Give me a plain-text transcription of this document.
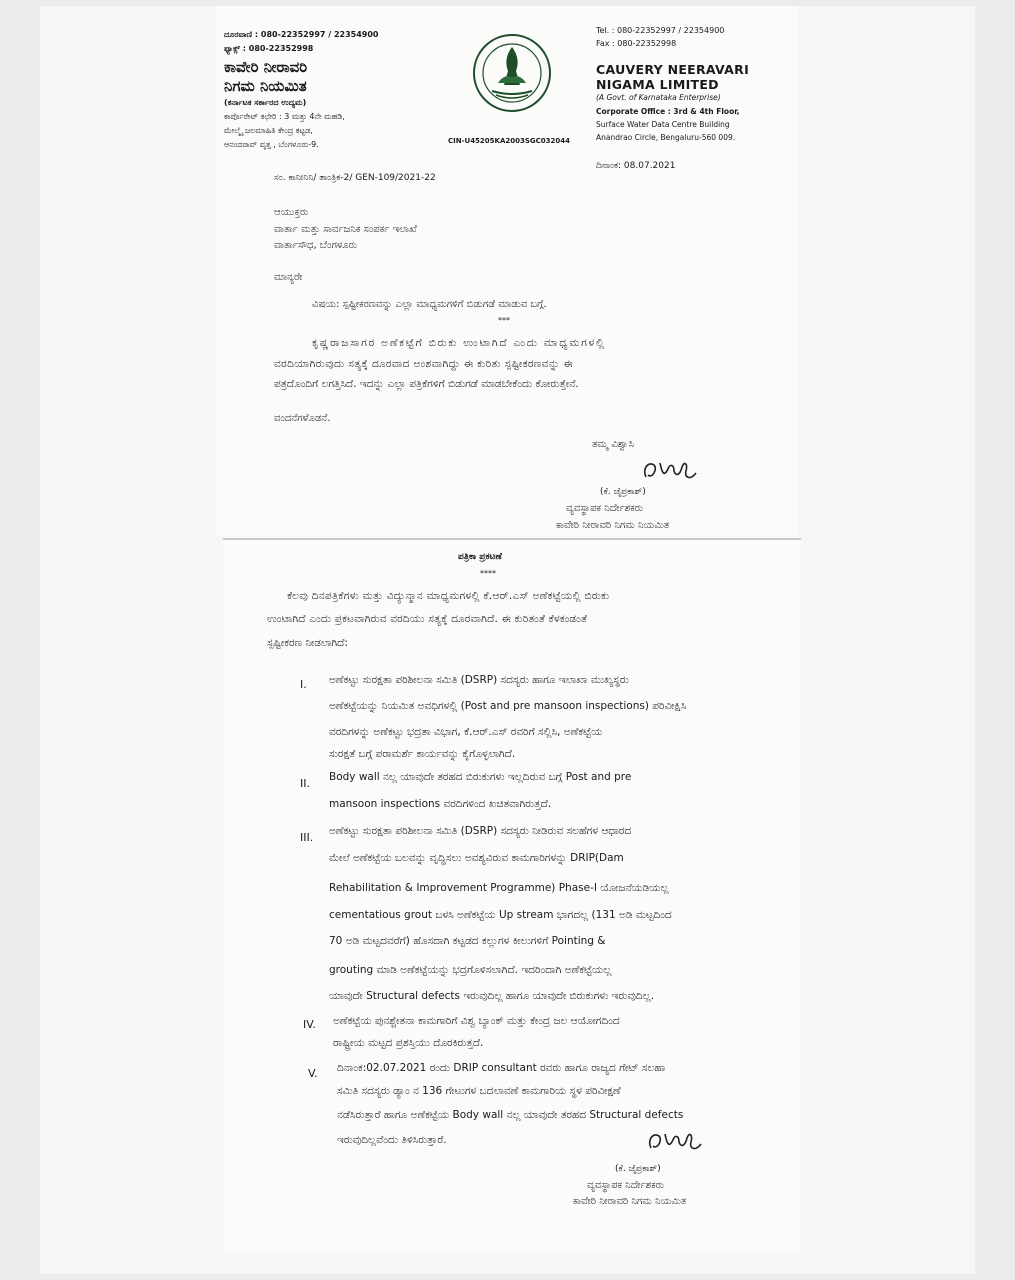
ದೂರವಾಣಿ : 080-22352997 / 22354900
ಫ್ಯಾಕ್ಸ್ : 080-22352998
ಕಾವೇರಿ ನೀರಾವರಿ
ನಿಗಮ ನಿಯಮಿತ
(ಕರ್ನಾಟಕ ಸರ್ಕಾರದ ಉದ್ಯಮ)
ಕಾರ್ಪೊರೇಟ್ ಕಛೇರಿ : 3 ಮತ್ತು 4ನೇ ಮಹಡಿ,
ಮೇಲ್ಮೈ ಜಲಮಾಹಿತಿ ಕೇಂದ್ರ ಕಟ್ಟಡ,
ಆನಂದರಾವ್ ವೃತ್ತ , ಬೆಂಗಳೂರು-9.	CIN-U45205KA2003SGC032044
Tel. : 080-22352997 / 22354900
Fax : 080-22352998
CAUVERY NEERAVARI
NIGAMA LIMITED
(A Govt. of Karnataka Enterprise)
Corporate Office : 3rd & 4th Floor,
Surface Water Data Centre Building
Anandrao Circle, Bengaluru-560 009.
ದಿನಾಂಕ: 08.07.2021
ಸಂ. ಕಾನೀನಿನಿ/ ತಾಂತ್ರಿಕ-2/ GEN-109/2021-22
ಆಯುಕ್ತರು
ವಾರ್ತಾ ಮತ್ತು ಸಾರ್ವಜನಿಕ ಸಂಪರ್ಕ ಇಲಾಖೆ
ವಾರ್ತಾಸೌಧ, ಬೆಂಗಳೂರು
ಮಾನ್ಯರೇ
ವಿಷಯ: ಸ್ಪಷ್ಟೀಕರಣವನ್ನು ಎಲ್ಲಾ ಮಾಧ್ಯಮಗಳಿಗೆ ಬಿಡುಗಡೆ ಮಾಡುವ ಬಗ್ಗೆ.
***
ಕೃಷ್ಣರಾಜಸಾಗರ ಅಣೆಕಟ್ಟೆಗೆ ಬಿರುಕು ಉಂಟಾಗಿದೆ ಎಂದು ಮಾಧ್ಯಮಗಳಲ್ಲಿ
ವರದಿಯಾಗಿರುವುದು ಸತ್ಯಕ್ಕೆ ದೂರವಾದ ಅಂಶವಾಗಿದ್ದು ಈ ಕುರಿತು ಸ್ಪಷ್ಟೀಕರಣವನ್ನು ಈ
ಪತ್ರದೊಂದಿಗೆ ಲಗತ್ತಿಸಿದೆ. ಇದನ್ನು ಎಲ್ಲಾ ಪತ್ರಿಕೆಗಳಿಗೆ ಬಿಡುಗಡೆ ಮಾಡಬೇಕೆಂದು ಕೋರುತ್ತೇನೆ.
ವಂದನೆಗಳೊಡನೆ.
ತಮ್ಮ ವಿಶ್ವಾಸಿ
(ಕೆ. ಜೈಪ್ರಕಾಶ್)
ವ್ಯವಸ್ಥಾಪಕ ನಿರ್ದೇಶಕರು
ಕಾವೇರಿ ನೀರಾವರಿ ನಿಗಮ ನಿಯಮಿತ
ಪತ್ರಿಕಾ ಪ್ರಕಟಣೆ
****
ಕೆಲವು ದಿನಪತ್ರಿಕೆಗಳು ಮತ್ತು ವಿದ್ಯುನ್ಮಾನ ಮಾಧ್ಯಮಗಳಲ್ಲಿ ಕೆ.ಆರ್.ಎಸ್ ಅಣೆಕಟ್ಟೆಯಲ್ಲಿ ಬಿರುಕು
ಉಂಟಾಗಿದೆ ಎಂದು ಪ್ರಕಟವಾಗಿರುವ ವರದಿಯು ಸತ್ಯಕ್ಕೆ ದೂರವಾಗಿದೆ. ಈ ಕುರಿತಂತೆ ಕೆಳಕಂಡಂತೆ
ಸ್ಪಷ್ಟೀಕರಣ ನೀಡಲಾಗಿದೆ:
I. ಅಣೆಕಟ್ಟು ಸುರಕ್ಷತಾ ಪರಿಶೀಲನಾ ಸಮಿತಿ (DSRP) ಸದಸ್ಯರು ಹಾಗೂ ಇಲಾಖಾ ಮುಖ್ಯಸ್ಥರು
ಅಣೆಕಟ್ಟೆಯನ್ನು ನಿಯಮಿತ ಅವಧಿಗಳಲ್ಲಿ (Post and pre mansoon inspections) ಪರಿವೀಕ್ಷಿಸಿ
ವರದಿಗಳನ್ನು ಅಣೆಕಟ್ಟು ಭದ್ರತಾ ವಿಭಾಗ, ಕೆ.ಆರ್.ಎಸ್ ರವರಿಗೆ ಸಲ್ಲಿಸಿ, ಅಣೆಕಟ್ಟೆಯ
ಸುರಕ್ಷತೆ ಬಗ್ಗೆ ಪರಾಮರ್ಶೆ ಕಾರ್ಯವನ್ನು ಕೈಗೊಳ್ಳಲಾಗಿದೆ.
II. Body wall ನಲ್ಲ ಯಾವುದೇ ತರಹದ ಬಿರುಕುಗಳು ಇಲ್ಲದಿರುವ ಬಗ್ಗೆ Post and pre
mansoon inspections ವರದಿಗಳಿಂದ ಖಚಿತವಾಗಿರುತ್ತದೆ.
III. ಅಣೆಕಟ್ಟು ಸುರಕ್ಷತಾ ಪರಿಶೀಲನಾ ಸಮಿತಿ (DSRP) ಸದಸ್ಯರು ನೀಡಿರುವ ಸಲಹೆಗಳ ಆಧಾರದ
ಮೇಲೆ ಅಣೆಕಟ್ಟೆಯ ಬಲವನ್ನು ವೃದ್ಧಿಸಲು ಅವಶ್ಯವಿರುವ ಕಾಮಗಾರಿಗಳನ್ನು DRIP(Dam
Rehabilitation & Improvement Programme) Phase-I ಯೋಜನೆಯಡಿಯಲ್ಲ
cementatious grout ಬಳಸಿ ಅಣೆಕಟ್ಟೆಯ Up stream ಭಾಗದಲ್ಲ (131 ಅಡಿ ಮಟ್ಟದಿಂದ
70 ಅಡಿ ಮಟ್ಟದವರೆಗೆ) ಹೊಸದಾಗಿ ಕಟ್ಟಡದ ಕಲ್ಲುಗಳ ಕೀಲುಗಳಿಗೆ Pointing &
grouting ಮಾಡಿ ಅಣೆಕಟ್ಟೆಯನ್ನು ಭದ್ರಗೊಳಿಸಲಾಗಿದೆ. ಇದರಿಂದಾಗಿ ಅಣೆಕಟ್ಟೆಯಲ್ಲ
ಯಾವುದೇ Structural defects ಇರುವುದಿಲ್ಲ ಹಾಗೂ ಯಾವುದೇ ಬಿರುಕುಗಳು ಇರುವುದಿಲ್ಲ.
IV. ಅಣೆಕಟ್ಟೆಯ ಪುನಶ್ಚೇತನಾ ಕಾಮಗಾರಿಗೆ ವಿಶ್ವ ಬ್ಯಾಂಕ್ ಮತ್ತು ಕೇಂದ್ರ ಜಲ ಆಯೋಗದಿಂದ
ರಾಷ್ಟ್ರೀಯ ಮಟ್ಟದ ಪ್ರಶಸ್ತಿಯು ದೊರಕಿರುತ್ತದೆ.
V. ದಿನಾಂಕ:02.07.2021 ರಂದು DRIP consultant ರವರು ಹಾಗೂ ರಾಜ್ಯದ ಗೇಟ್ ಸಲಹಾ
ಸಮಿತಿ ಸದಸ್ಯರು ಡ್ಯಾಂ ನ 136 ಗೇಟುಗಳ ಬದಲಾವಣೆ ಕಾಮಗಾರಿಯ ಸ್ಥಳ ಪರಿವೀಕ್ಷಣೆ
ನಡೆಸಿರುತ್ತಾರೆ ಹಾಗೂ ಅಣೆಕಟ್ಟೆಯ Body wall ನಲ್ಲ ಯಾವುದೇ ತರಹದ Structural defects
ಇರುವುದಿಲ್ಲವೆಂದು ತಿಳಿಸಿರುತ್ತಾರೆ.
(ಕೆ. ಜೈಪ್ರಕಾಶ್)
ವ್ಯವಸ್ಥಾಪಕ ನಿರ್ದೇಶಕರು
ಕಾವೇರಿ ನೀರಾವರಿ ನಿಗಮ ನಿಯಮಿತ
